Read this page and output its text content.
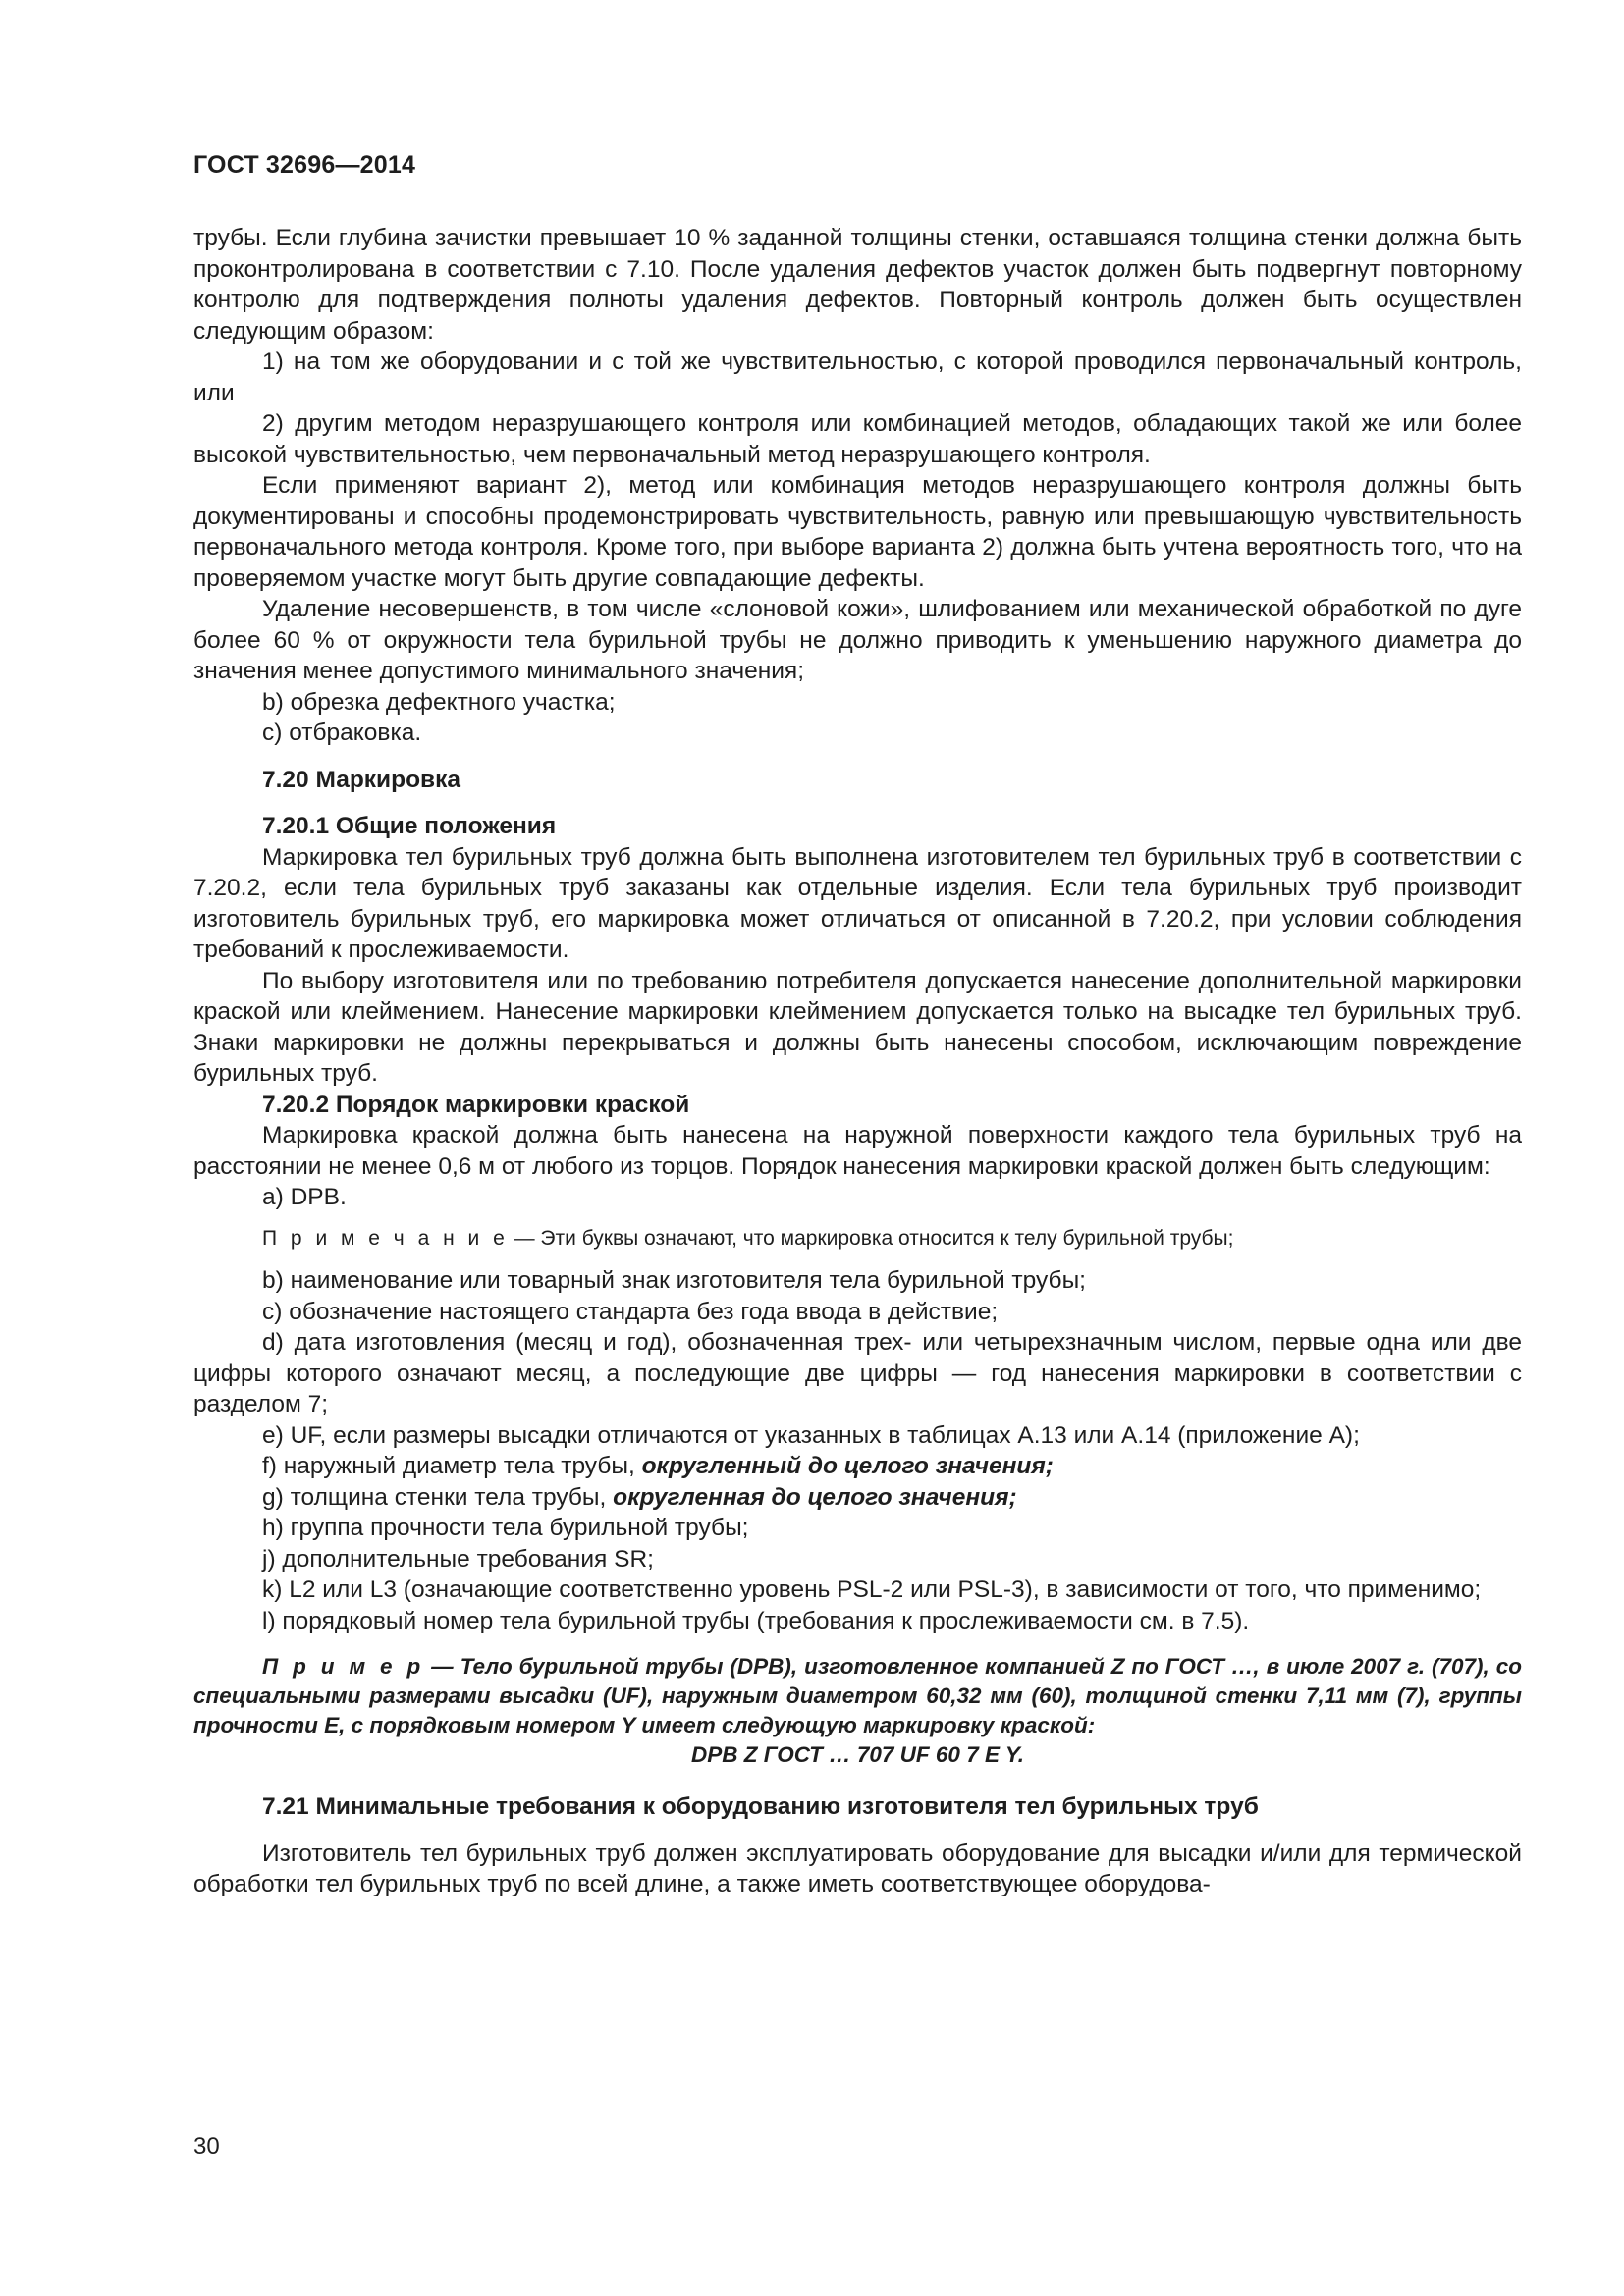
ГОСТ 32696—2014

трубы. Если глубина зачистки превышает 10 % заданной толщины стенки, оставшаяся толщина стенки должна быть проконтролирована в соответствии с 7.10. После удаления дефектов участок должен быть подвергнут повторному контролю для подтверждения полноты удаления дефектов. Повторный контроль должен быть осуществлен следующим образом:

1) на том же оборудовании и с той же чувствительностью, с которой проводился первоначальный контроль, или

2) другим методом неразрушающего контроля или комбинацией методов, обладающих такой же или более высокой чувствительностью, чем первоначальный метод неразрушающего контроля.

Если применяют вариант 2), метод или комбинация методов неразрушающего контроля должны быть документированы и способны продемонстрировать чувствительность, равную или превышающую чувствительность первоначального метода контроля. Кроме того, при выборе варианта 2) должна быть учтена вероятность того, что на проверяемом участке могут быть другие совпадающие дефекты.

Удаление несовершенств, в том числе «слоновой кожи», шлифованием или механической обработкой по дуге более 60 % от окружности тела бурильной трубы не должно приводить к уменьшению наружного диаметра до значения менее допустимого минимального значения;

b) обрезка дефектного участка;

c) отбраковка.

7.20 Маркировка
7.20.1 Общие положения

Маркировка тел бурильных труб должна быть выполнена изготовителем тел бурильных труб в соответствии с 7.20.2, если тела бурильных труб заказаны как отдельные изделия. Если тела бурильных труб производит изготовитель бурильных труб, его маркировка может отличаться от описанной в 7.20.2, при условии соблюдения требований к прослеживаемости.

По выбору изготовителя или по требованию потребителя допускается нанесение дополнительной маркировки краской или клеймением. Нанесение маркировки клеймением допускается только на высадке тел бурильных труб. Знаки маркировки не должны перекрываться и должны быть нанесены способом, исключающим повреждение бурильных труб.

7.20.2 Порядок маркировки краской

Маркировка краской должна быть нанесена на наружной поверхности каждого тела бурильных труб на расстоянии не менее 0,6 м от любого из торцов. Порядок нанесения маркировки краской должен быть следующим:

a) DPB.

П р и м е ч а н и е — Эти буквы означают, что маркировка относится к телу бурильной трубы;

b) наименование или товарный знак изготовителя тела бурильной трубы;

c) обозначение настоящего стандарта без года ввода в действие;

d) дата изготовления (месяц и год), обозначенная трех- или четырехзначным числом, первые одна или две цифры которого означают месяц, а последующие две цифры — год нанесения маркировки в соответствии с разделом 7;

e) UF, если размеры высадки отличаются от указанных в таблицах А.13 или А.14 (приложение А);

f) наружный диаметр тела трубы, округленный до целого значения;

g) толщина стенки тела трубы, округленная до целого значения;

h) группа прочности тела бурильной трубы;

j) дополнительные требования SR;

k) L2 или L3 (означающие соответственно уровень PSL-2 или PSL-3), в зависимости от того, что применимо;

l) порядковый номер тела бурильной трубы (требования к прослеживаемости см. в 7.5).

П р и м е р — Тело бурильной трубы (DPB), изготовленное компанией Z по ГОСТ …, в июле 2007 г. (707), со специальными размерами высадки (UF), наружным диаметром 60,32 мм (60), толщиной стенки 7,11 мм (7), группы прочности Е, с порядковым номером Y имеет следующую маркировку краской:

DPB Z ГОСТ … 707 UF 60 7 E Y.

7.21 Минимальные требования к оборудованию изготовителя тел бурильных труб

Изготовитель тел бурильных труб должен эксплуатировать оборудование для высадки и/или для термической обработки тел бурильных труб по всей длине, а также иметь соответствующее оборудова-

30
